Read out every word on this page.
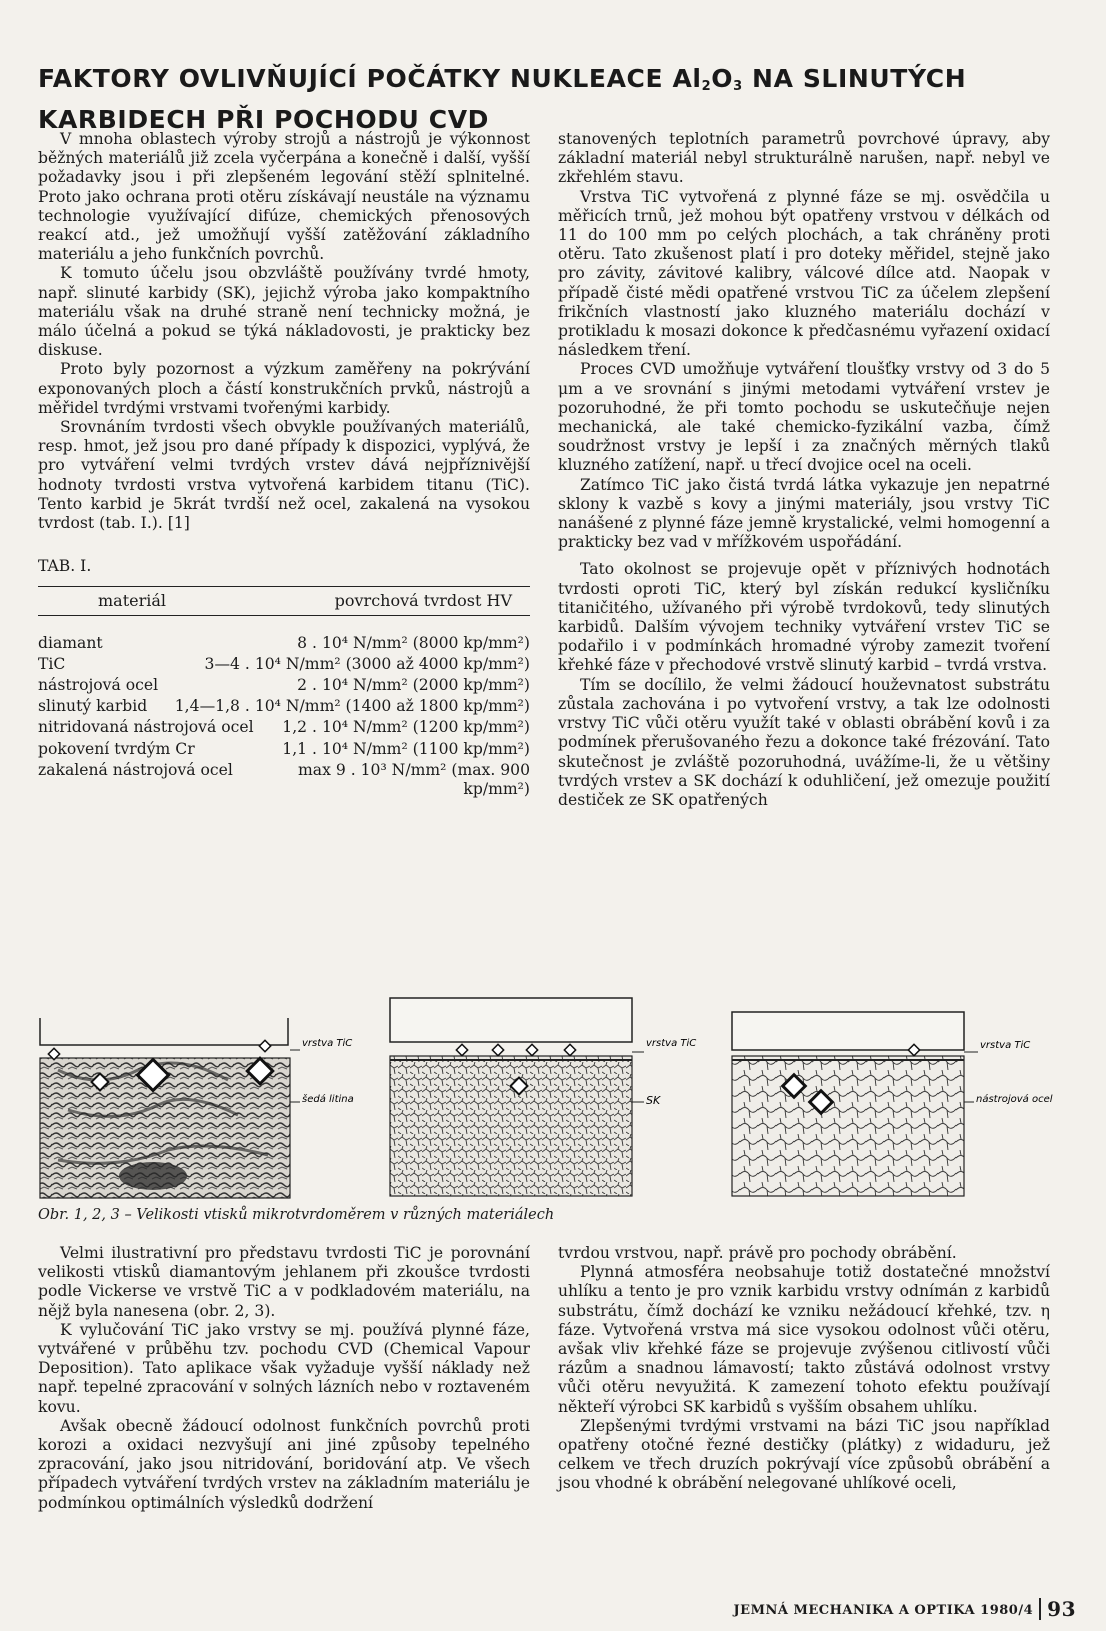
FAKTORY OVLIVŇUJÍCÍ POČÁTKY NUKLEACE $Al_2O_3$ NA SLINUTÝCH KARBIDECH PŘI POCHODU CVD

V mnoha oblastech výroby strojů a nástrojů je výkonnost běžných materiálů již zcela vyčerpána a konečně i další, vyšší požadavky jsou i při zlepšeném legování stěží splnitelné. Proto jako ochrana proti otěru získávají neustále na významu technologie využívající difúze, chemických přenosových reakcí atd., jež umožňují vyšší zatěžování základního materiálu a jeho funkčních povrchů.

K tomuto účelu jsou obzvláště používány tvrdé hmoty, např. slinuté karbidy (SK), jejichž výroba jako kompaktního materiálu však na druhé straně není technicky možná, je málo účelná a pokud se týká nákladovosti, je prakticky bez diskuse.

Proto byly pozornost a výzkum zaměřeny na pokrývání exponovaných ploch a částí konstrukčních prvků, nástrojů a měřidel tvrdými vrstvami tvořenými karbidy.

Srovnáním tvrdosti všech obvykle používaných materiálů, resp. hmot, jež jsou pro dané případy k dispozici, vyplývá, že pro vytváření velmi tvrdých vrstev dává nejpříznivější hodnoty tvrdosti vrstva vytvořená karbidem titanu (TiC). Tento karbid je 5krát tvrdší než ocel, zakalená na vysokou tvrdost (tab. I.). [1]

TAB. I.
materiál	povrchová tvrdost HV
diamant	8 . 10⁴ N/mm² (8000 kp/mm²)
TiC	3—4 . 10⁴ N/mm² (3000 až 4000 kp/mm²)
nástrojová ocel	2 . 10⁴ N/mm² (2000 kp/mm²)
slinutý karbid 1,4—1,8 . 10⁴ N/mm² (1400 až 1800 kp/mm²)
nitridovaná nástrojová ocel 1,2 . 10⁴ N/mm² (1200 kp/mm²)
pokovení tvrdým Cr	1,1 . 10⁴ N/mm² (1100 kp/mm²)
zakalená nástrojová ocel	max 9 . 10³ N/mm² (max. 900 kp/mm²)

stanovených teplotních parametrů povrchové úpravy, aby základní materiál nebyl strukturálně narušen, např. nebyl ve zkřehlém stavu.

Vrstva TiC vytvořená z plynné fáze se mj. osvědčila u měřicích trnů, jež mohou být opatřeny vrstvou v délkách od 11 do 100 mm po celých plochách, a tak chráněny proti otěru. Tato zkušenost platí i pro doteky měřidel, stejně jako pro závity, závitové kalibry, válcové dílce atd. Naopak v případě čisté mědi opatřené vrstvou TiC za účelem zlepšení frikčních vlastností jako kluzného materiálu dochází v protikladu k mosazi dokonce k předčasnému vyřazení oxidací následkem tření.

Proces CVD umožňuje vytváření tloušťky vrstvy od 3 do 5 μm a ve srovnání s jinými metodami vytváření vrstev je pozoruhodné, že při tomto pochodu se uskutečňuje nejen mechanická, ale také chemicko-fyzikální vazba, čímž soudržnost vrstvy je lepší i za značných měrných tlaků kluzného zatížení, např. u třecí dvojice ocel na oceli.

Zatímco TiC jako čistá tvrdá látka vykazuje jen nepatrné sklony k vazbě s kovy a jinými materiály, jsou vrstvy TiC nanášené z plynné fáze jemně krystalické, velmi homogenní a prakticky bez vad v mřížkovém uspořádání.

Tato okolnost se projevuje opět v příznivých hodnotách tvrdosti oproti TiC, který byl získán redukcí kysličníku titaničitého, užívaného při výrobě tvrdokovů, tedy slinutých karbidů. Dalším vývojem techniky vytváření vrstev TiC se podařilo i v podmínkách hromadné výroby zamezit tvoření křehké fáze v přechodové vrstvě slinutý karbid – tvrdá vrstva.

Tím se docílilo, že velmi žádoucí houževnatost substrátu zůstala zachována i po vytvoření vrstvy, a tak lze odolnosti vrstvy TiC vůči otěru využít také v oblasti obrábění kovů i za podmínek přerušovaného řezu a dokonce také frézování. Tato skutečnost je zvláště pozoruhodná, uvážíme-li, že u většiny tvrdých vrstev a SK dochází k oduhličení, jež omezuje použití destiček ze SK opatřených

vrstva TiC
šedá litina
vrstva TiC
SK
vrstva TiC
nástrojová ocel
Obr. 1, 2, 3 – Velikosti vtisků mikrotvrdoměrem v různých materiálech

Velmi ilustrativní pro představu tvrdosti TiC je porovnání velikosti vtisků diamantovým jehlanem při zkoušce tvrdosti podle Vickerse ve vrstvě TiC a v podkladovém materiálu, na nějž byla nanesena (obr. 2, 3).

K vylučování TiC jako vrstvy se mj. používá plynné fáze, vytvářené v průběhu tzv. pochodu CVD (Chemical Vapour Deposition). Tato aplikace však vyžaduje vyšší náklady než např. tepelné zpracování v solných lázních nebo v roztaveném kovu.

Avšak obecně žádoucí odolnost funkčních povrchů proti korozi a oxidaci nezvyšují ani jiné způsoby tepelného zpracování, jako jsou nitridování, boridování atp. Ve všech případech vytváření tvrdých vrstev na základním materiálu je podmínkou optimálních výsledků dodržení

tvrdou vrstvou, např. právě pro pochody obrábění.

Plynná atmosféra neobsahuje totiž dostatečné množství uhlíku a tento je pro vznik karbidu vrstvy odnímán z karbidů substrátu, čímž dochází ke vzniku nežádoucí křehké, tzv. η fáze. Vytvořená vrstva má sice vysokou odolnost vůči otěru, avšak vliv křehké fáze se projevuje zvýšenou citlivostí vůči rázům a snadnou lámavostí; takto zůstává odolnost vrstvy vůči otěru nevyužitá. K zamezení tohoto efektu používají někteří výrobci SK karbidů s vyšším obsahem uhlíku.

Zlepšenými tvrdými vrstvami na bázi TiC jsou například opatřeny otočné řezné destičky (plátky) z widaduru, jež celkem ve třech druzích pokrývají více způsobů obrábění a jsou vhodné k obrábění nelegované uhlíkové oceli,

JEMNÁ MECHANIKA A OPTIKA 1980/4 93
